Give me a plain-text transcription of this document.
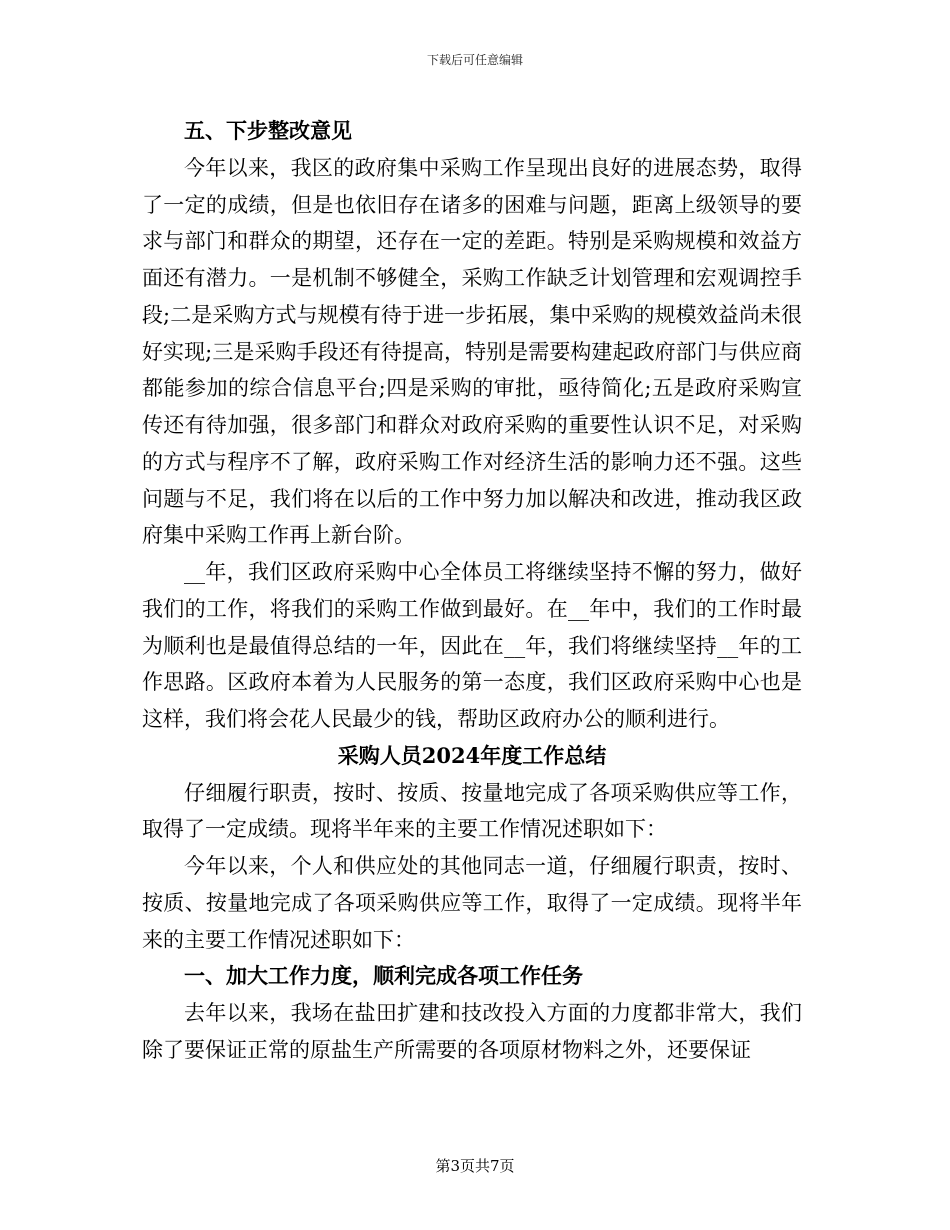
下载后可任意编辑

五、下步整改意见

今年以来，我区的政府集中采购工作呈现出良好的进展态势，取得了一定的成绩，但是也依旧存在诸多的困难与问题，距离上级领导的要求与部门和群众的期望，还存在一定的差距。特别是采购规模和效益方面还有潜力。一是机制不够健全，采购工作缺乏计划管理和宏观调控手段;二是采购方式与规模有待于进一步拓展，集中采购的规模效益尚未很好实现;三是采购手段还有待提高，特别是需要构建起政府部门与供应商都能参加的综合信息平台;四是采购的审批，亟待简化;五是政府采购宣传还有待加强，很多部门和群众对政府采购的重要性认识不足，对采购的方式与程序不了解，政府采购工作对经济生活的影响力还不强。这些问题与不足，我们将在以后的工作中努力加以解决和改进，推动我区政府集中采购工作再上新台阶。

__年，我们区政府采购中心全体员工将继续坚持不懈的努力，做好我们的工作，将我们的采购工作做到最好。在__年中，我们的工作时最为顺利也是最值得总结的一年，因此在__年，我们将继续坚持__年的工作思路。区政府本着为人民服务的第一态度，我们区政府采购中心也是这样，我们将会花人民最少的钱，帮助区政府办公的顺利进行。

采购人员2024年度工作总结

仔细履行职责，按时、按质、按量地完成了各项采购供应等工作，取得了一定成绩。现将半年来的主要工作情况述职如下：

今年以来，个人和供应处的其他同志一道，仔细履行职责，按时、按质、按量地完成了各项采购供应等工作，取得了一定成绩。现将半年来的主要工作情况述职如下：

一、加大工作力度，顺利完成各项工作任务

去年以来，我场在盐田扩建和技改投入方面的力度都非常大，我们除了要保证正常的原盐生产所需要的各项原材物料之外，还要保证

第3页共7页
